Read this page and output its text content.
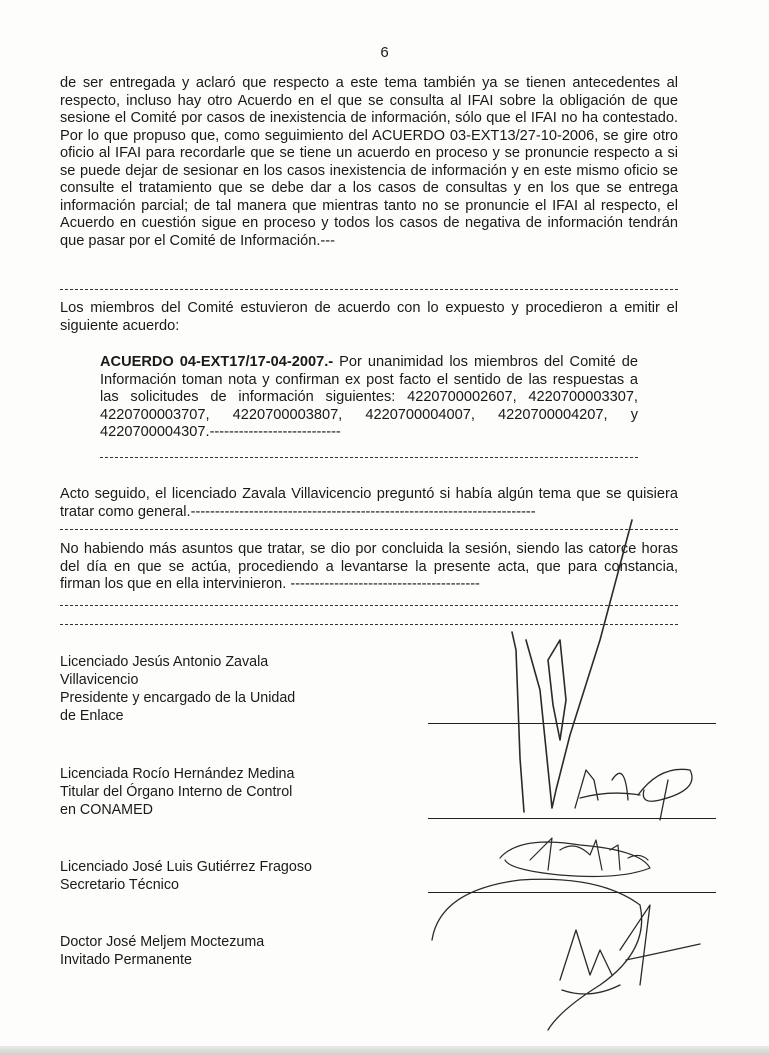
6

de ser entregada y aclaró que respecto a este tema también ya se tienen antecedentes al respecto, incluso hay otro Acuerdo en el que se consulta al IFAI sobre la obligación de que sesione el Comité por casos de inexistencia de información, sólo que el IFAI no ha contestado. Por lo que propuso que, como seguimiento del ACUERDO 03-EXT13/27-10-2006, se gire otro oficio al IFAI para recordarle que se tiene un acuerdo en proceso y se pronuncie respecto a si se puede dejar de sesionar en los casos inexistencia de información y en este mismo oficio se consulte el tratamiento que se debe dar a los casos de consultas y en los que se entrega información parcial; de tal manera que mientras tanto no se pronuncie el IFAI al respecto, el Acuerdo en cuestión sigue en proceso y todos los casos de negativa de información tendrán que pasar por el Comité de Información.---

Los miembros del Comité estuvieron de acuerdo con lo expuesto y procedieron a emitir el siguiente acuerdo:

ACUERDO 04-EXT17/17-04-2007.- Por unanimidad los miembros del Comité de Información toman nota y confirman ex post facto el sentido de las respuestas a las solicitudes de información siguientes: 4220700002607, 4220700003307, 4220700003707, 4220700003807, 4220700004007, 4220700004207, y 4220700004307.---------------------------

Acto seguido, el licenciado Zavala Villavicencio preguntó si había algún tema que se quisiera tratar como general.-----------------------------------------------------------------------

No habiendo más asuntos que tratar, se dio por concluida la sesión, siendo las catorce horas del día en que se actúa, procediendo a levantarse la presente acta, que para constancia, firman los que en ella intervinieron. ---------------------------------------

Licenciado Jesús Antonio Zavala
Villavicencio
Presidente y encargado de la Unidad
de Enlace
Licenciada Rocío Hernández Medina
Titular del Órgano Interno de Control
en CONAMED
Licenciado José Luis Gutiérrez Fragoso
Secretario Técnico
Doctor José Meljem Moctezuma
Invitado Permanente
